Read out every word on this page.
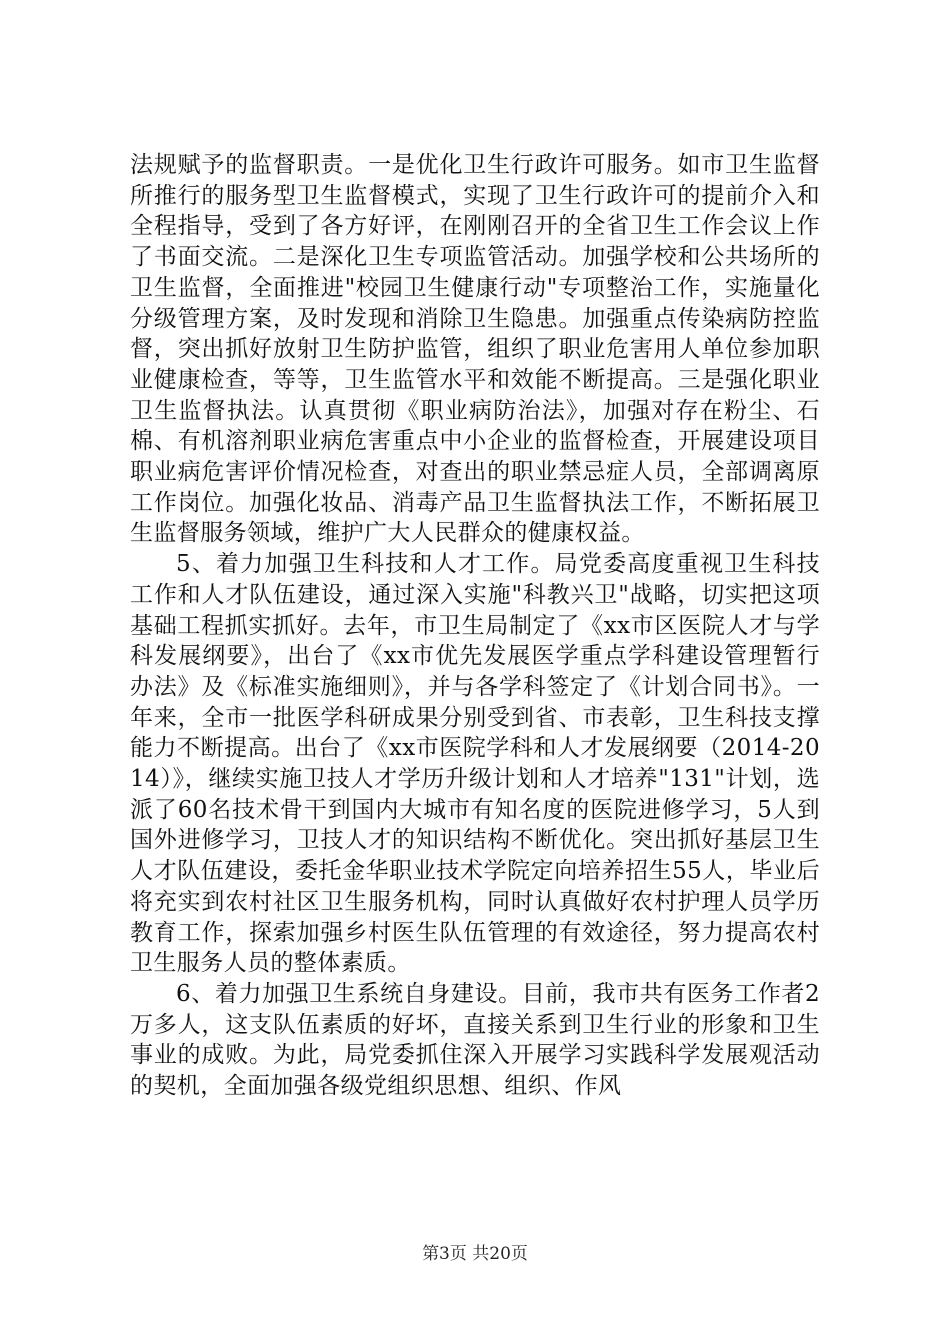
法规赋予的监督职责。一是优化卫生行政许可服务。如市卫生监督所推行的服务型卫生监督模式，实现了卫生行政许可的提前介入和全程指导，受到了各方好评，在刚刚召开的全省卫生工作会议上作了书面交流。二是深化卫生专项监管活动。加强学校和公共场所的卫生监督，全面推进"校园卫生健康行动"专项整治工作，实施量化分级管理方案，及时发现和消除卫生隐患。加强重点传染病防控监督，突出抓好放射卫生防护监管，组织了职业危害用人单位参加职业健康检查，等等，卫生监管水平和效能不断提高。三是强化职业卫生监督执法。认真贯彻《职业病防治法》，加强对存在粉尘、石棉、有机溶剂职业病危害重点中小企业的监督检查，开展建设项目职业病危害评价情况检查，对查出的职业禁忌症人员，全部调离原工作岗位。加强化妆品、消毒产品卫生监督执法工作，不断拓展卫生监督服务领域，维护广大人民群众的健康权益。

5、着力加强卫生科技和人才工作。局党委高度重视卫生科技工作和人才队伍建设，通过深入实施"科教兴卫"战略，切实把这项基础工程抓实抓好。去年，市卫生局制定了《xx市区医院人才与学科发展纲要》，出台了《xx市优先发展医学重点学科建设管理暂行办法》及《标准实施细则》，并与各学科签定了《计划合同书》。一年来，全市一批医学科研成果分别受到省、市表彰，卫生科技支撑能力不断提高。出台了《xx市医院学科和人才发展纲要（2014-2014）》，继续实施卫技人才学历升级计划和人才培养"131"计划，选派了60名技术骨干到国内大城市有知名度的医院进修学习，5人到国外进修学习，卫技人才的知识结构不断优化。突出抓好基层卫生人才队伍建设，委托金华职业技术学院定向培养招生55人，毕业后将充实到农村社区卫生服务机构，同时认真做好农村护理人员学历教育工作，探索加强乡村医生队伍管理的有效途径，努力提高农村卫生服务人员的整体素质。

6、着力加强卫生系统自身建设。目前，我市共有医务工作者2万多人，这支队伍素质的好坏，直接关系到卫生行业的形象和卫生事业的成败。为此，局党委抓住深入开展学习实践科学发展观活动的契机，全面加强各级党组织思想、组织、作风

第3页 共20页
